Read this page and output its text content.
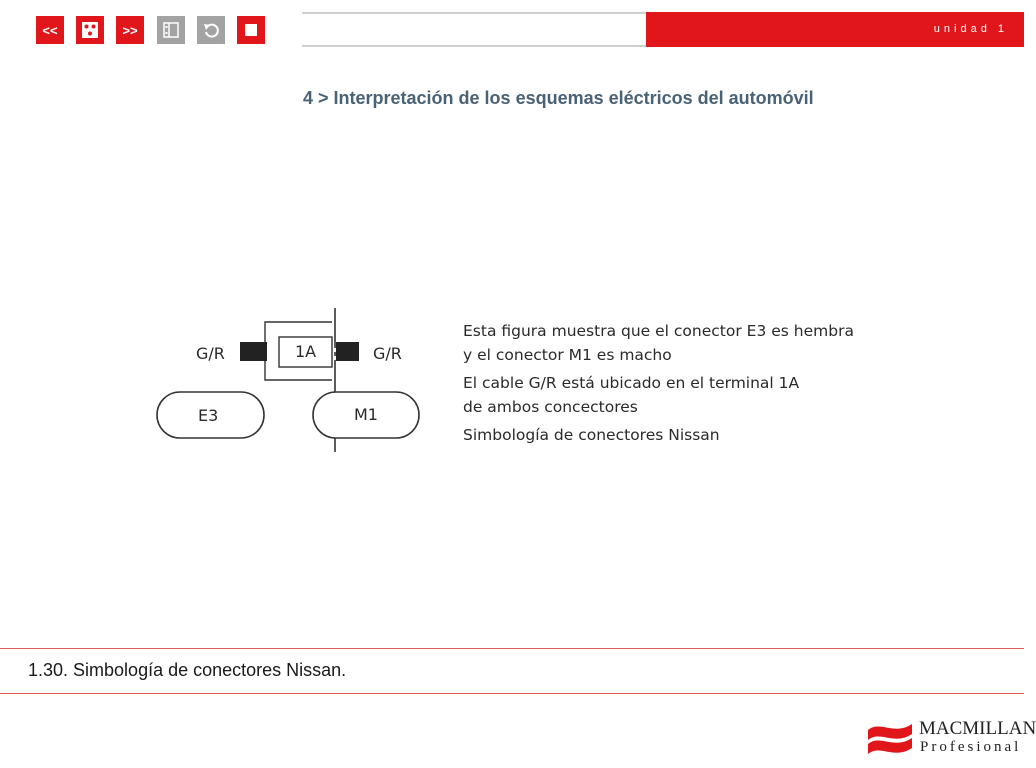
<<	>>	unidad 1
4 > Interpretación de los esquemas eléctricos del automóvil
G/R	G/R
1A
E3	M1
Esta figura muestra que el conector E3 es hembra
y el conector M1 es macho
El cable G/R está ubicado en el terminal 1A
de ambos concectores
Simbología de conectores Nissan
1.30. Simbología de conectores Nissan.
MACMILLAN
Profesional
